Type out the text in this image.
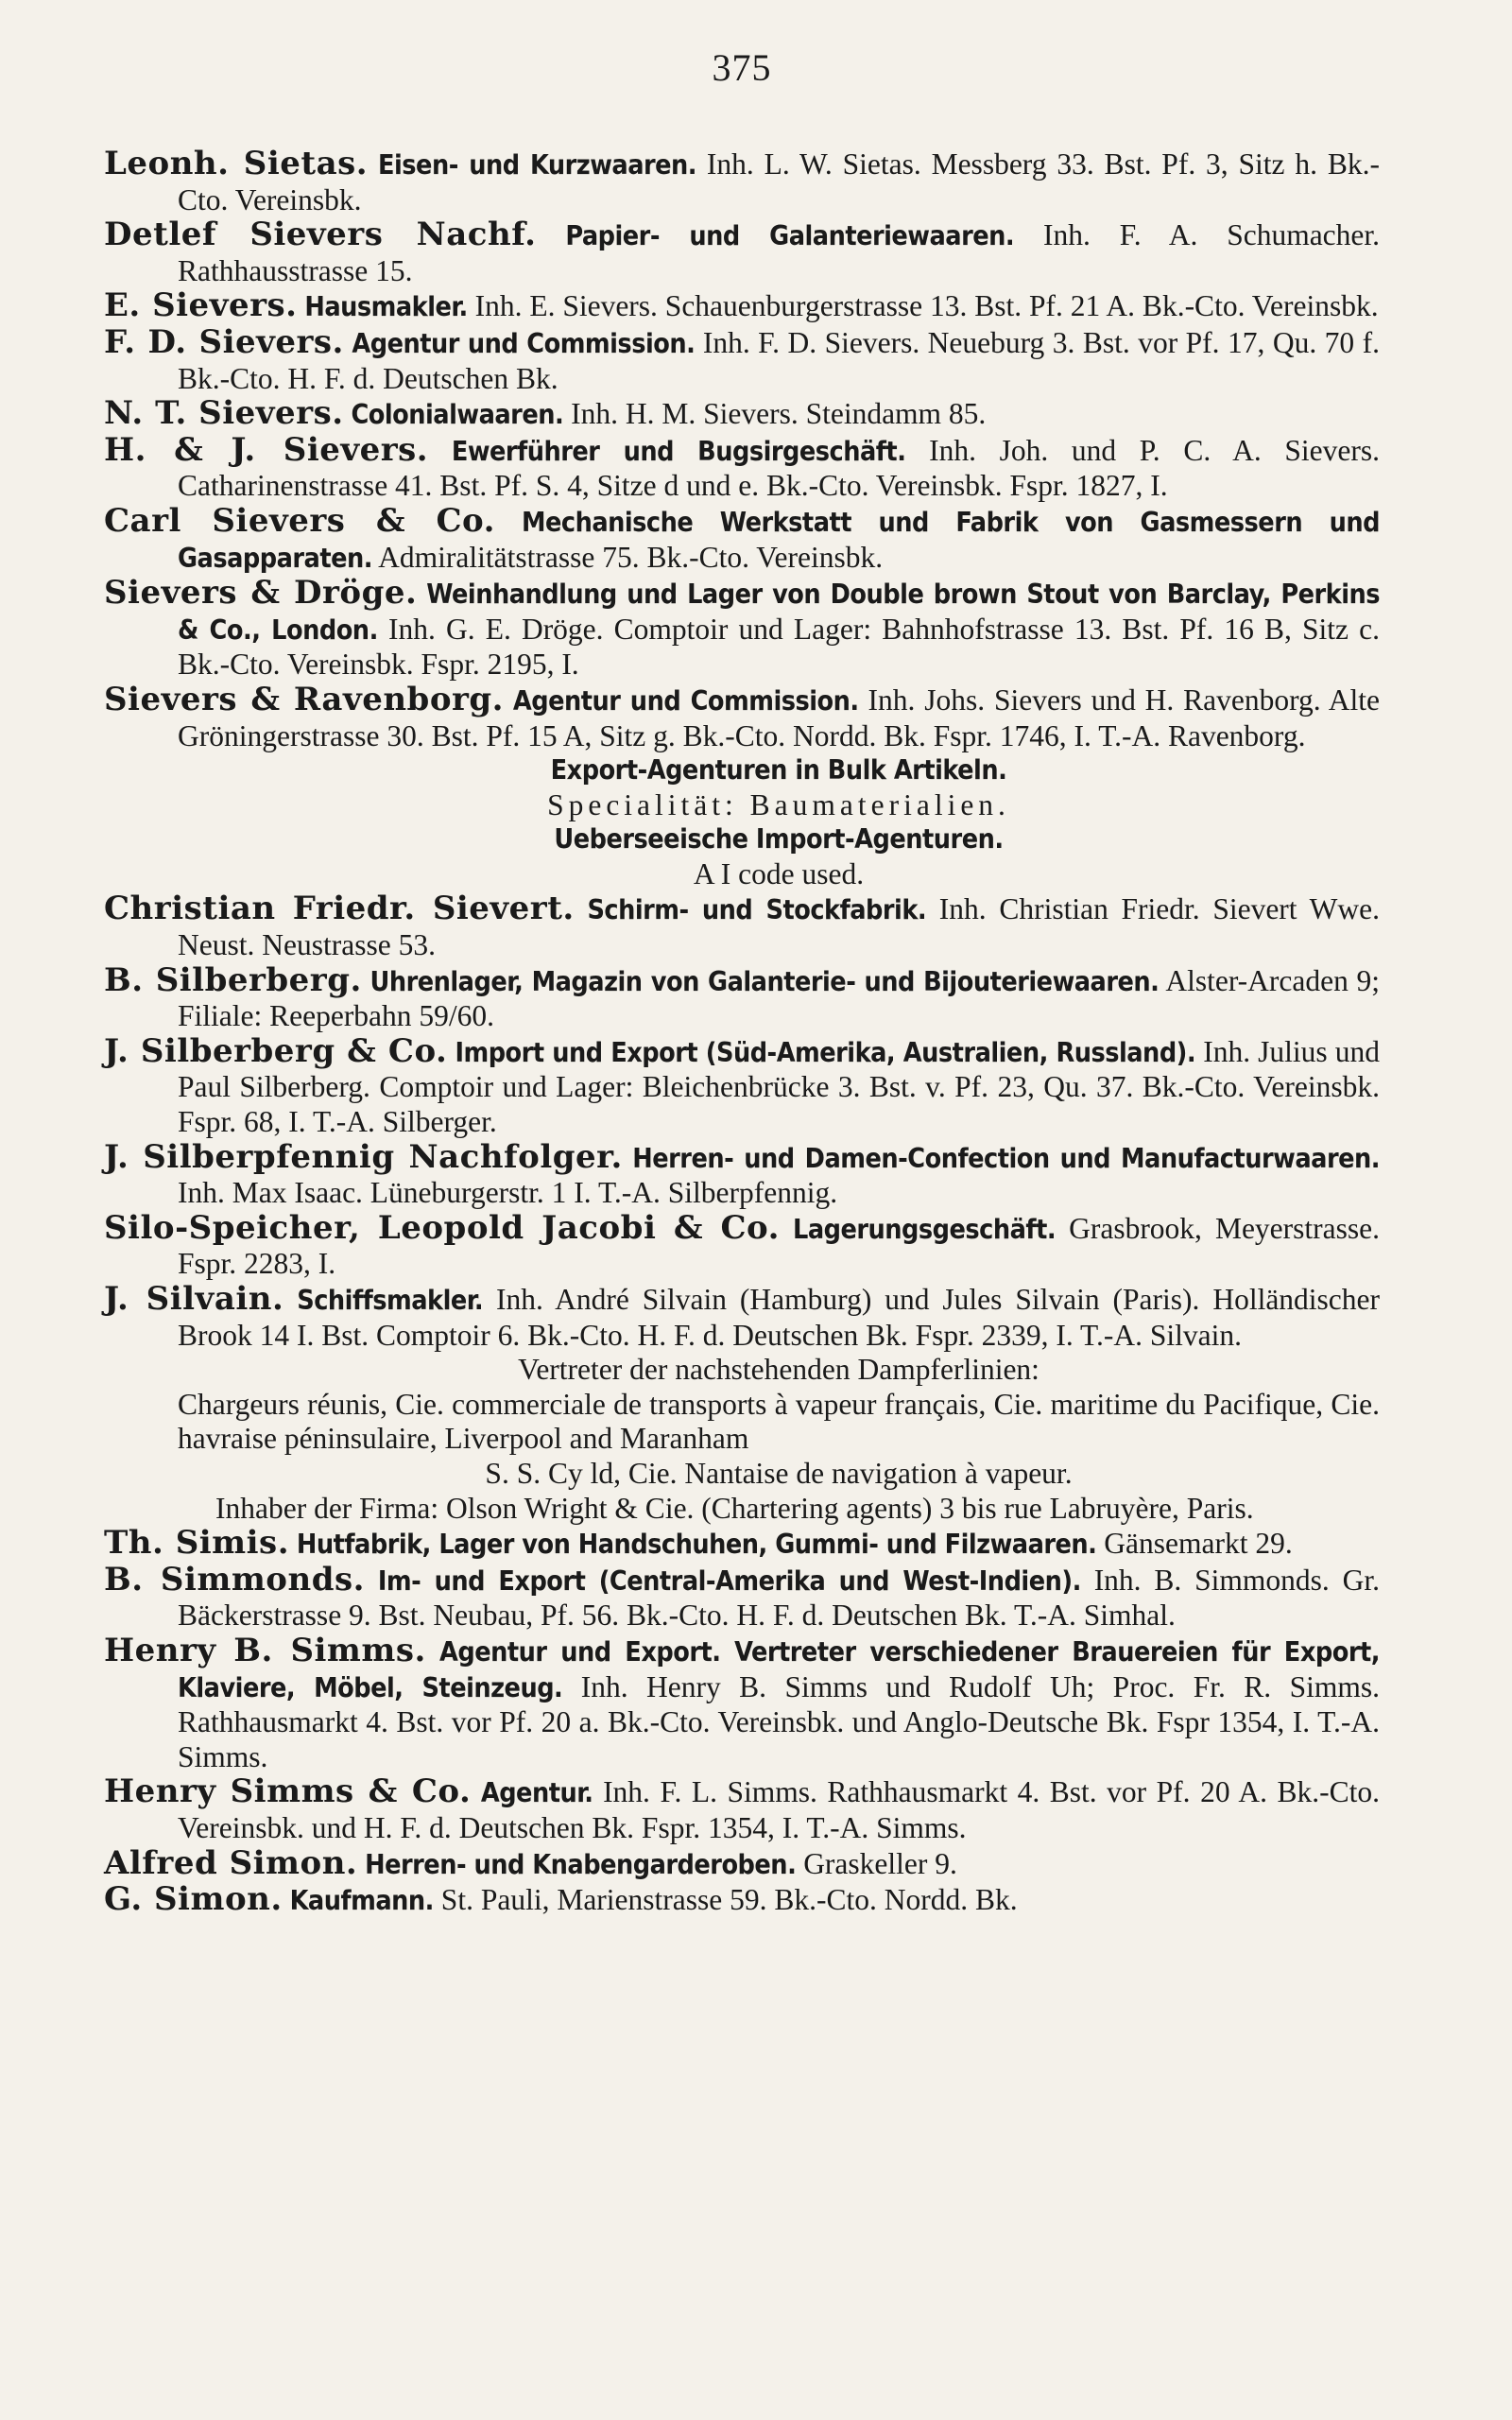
375

Leonh. Sietas. Eisen- und Kurzwaaren. Inh. L. W. Sietas. Messberg 33. Bst. Pf. 3, Sitz h. Bk.-Cto. Vereinsbk.

Detlef Sievers Nachf. Papier- und Galanteriewaaren. Inh. F. A. Schumacher. Rathhausstrasse 15.

E. Sievers. Hausmakler. Inh. E. Sievers. Schauenburgerstrasse 13. Bst. Pf. 21 A. Bk.-Cto. Vereinsbk.

F. D. Sievers. Agentur und Commission. Inh. F. D. Sievers. Neueburg 3. Bst. vor Pf. 17, Qu. 70 f. Bk.-Cto. H. F. d. Deutschen Bk.

N. T. Sievers. Colonialwaaren. Inh. H. M. Sievers. Steindamm 85.

H. & J. Sievers. Ewerführer und Bugsirgeschäft. Inh. Joh. und P. C. A. Sievers. Catharinenstrasse 41. Bst. Pf. S. 4, Sitze d und e. Bk.-Cto. Vereinsbk. Fspr. 1827, I.

Carl Sievers & Co. Mechanische Werkstatt und Fabrik von Gasmessern und Gasapparaten. Admiralitätstrasse 75. Bk.-Cto. Vereinsbk.

Sievers & Dröge. Weinhandlung und Lager von Double brown Stout von Barclay, Perkins & Co., London. Inh. G. E. Dröge. Comptoir und Lager: Bahnhofstrasse 13. Bst. Pf. 16 B, Sitz c. Bk.-Cto. Vereinsbk. Fspr. 2195, I.

Sievers & Ravenborg. Agentur und Commission. Inh. Johs. Sievers und H. Ravenborg. Alte Gröningerstrasse 30. Bst. Pf. 15 A, Sitz g. Bk.-Cto. Nordd. Bk. Fspr. 1746, I. T.-A. Ravenborg.

Export-Agenturen in Bulk Artikeln.

Specialität: Baumaterialien.

Ueberseeische Import-Agenturen.

A I code used.

Christian Friedr. Sievert. Schirm- und Stockfabrik. Inh. Christian Friedr. Sievert Wwe. Neust. Neustrasse 53.

B. Silberberg. Uhrenlager, Magazin von Galanterie- und Bijouteriewaaren. Alster-Arcaden 9; Filiale: Reeperbahn 59/60.

J. Silberberg & Co. Import und Export (Süd-Amerika, Australien, Russland). Inh. Julius und Paul Silberberg. Comptoir und Lager: Bleichenbrücke 3. Bst. v. Pf. 23, Qu. 37. Bk.-Cto. Vereinsbk. Fspr. 68, I. T.-A. Silberger.

J. Silberpfennig Nachfolger. Herren- und Damen-Confection und Manufacturwaaren. Inh. Max Isaac. Lüneburgerstr. 1 I. T.-A. Silberpfennig.

Silo-Speicher, Leopold Jacobi & Co. Lagerungsgeschäft. Grasbrook, Meyerstrasse. Fspr. 2283, I.

J. Silvain. Schiffsmakler. Inh. André Silvain (Hamburg) und Jules Silvain (Paris). Holländischer Brook 14 I. Bst. Comptoir 6. Bk.-Cto. H. F. d. Deutschen Bk. Fspr. 2339, I. T.-A. Silvain.

Vertreter der nachstehenden Dampferlinien:

Chargeurs réunis, Cie. commerciale de transports à vapeur français, Cie. maritime du Pacifique, Cie. havraise péninsulaire, Liverpool and Maranham

S. S. Cy ld, Cie. Nantaise de navigation à vapeur.

Inhaber der Firma: Olson Wright & Cie. (Chartering agents) 3 bis rue Labruyère, Paris.

Th. Simis. Hutfabrik, Lager von Handschuhen, Gummi- und Filzwaaren. Gänsemarkt 29.

B. Simmonds. Im- und Export (Central-Amerika und West-Indien). Inh. B. Simmonds. Gr. Bäckerstrasse 9. Bst. Neubau, Pf. 56. Bk.-Cto. H. F. d. Deutschen Bk. T.-A. Simhal.

Henry B. Simms. Agentur und Export. Vertreter verschiedener Brauereien für Export, Klaviere, Möbel, Steinzeug. Inh. Henry B. Simms und Rudolf Uh; Proc. Fr. R. Simms. Rathhausmarkt 4. Bst. vor Pf. 20 a. Bk.-Cto. Vereinsbk. und Anglo-Deutsche Bk. Fspr 1354, I. T.-A. Simms.

Henry Simms & Co. Agentur. Inh. F. L. Simms. Rathhausmarkt 4. Bst. vor Pf. 20 A. Bk.-Cto. Vereinsbk. und H. F. d. Deutschen Bk. Fspr. 1354, I. T.-A. Simms.

Alfred Simon. Herren- und Knabengarderoben. Graskeller 9.

G. Simon. Kaufmann. St. Pauli, Marienstrasse 59. Bk.-Cto. Nordd. Bk.
